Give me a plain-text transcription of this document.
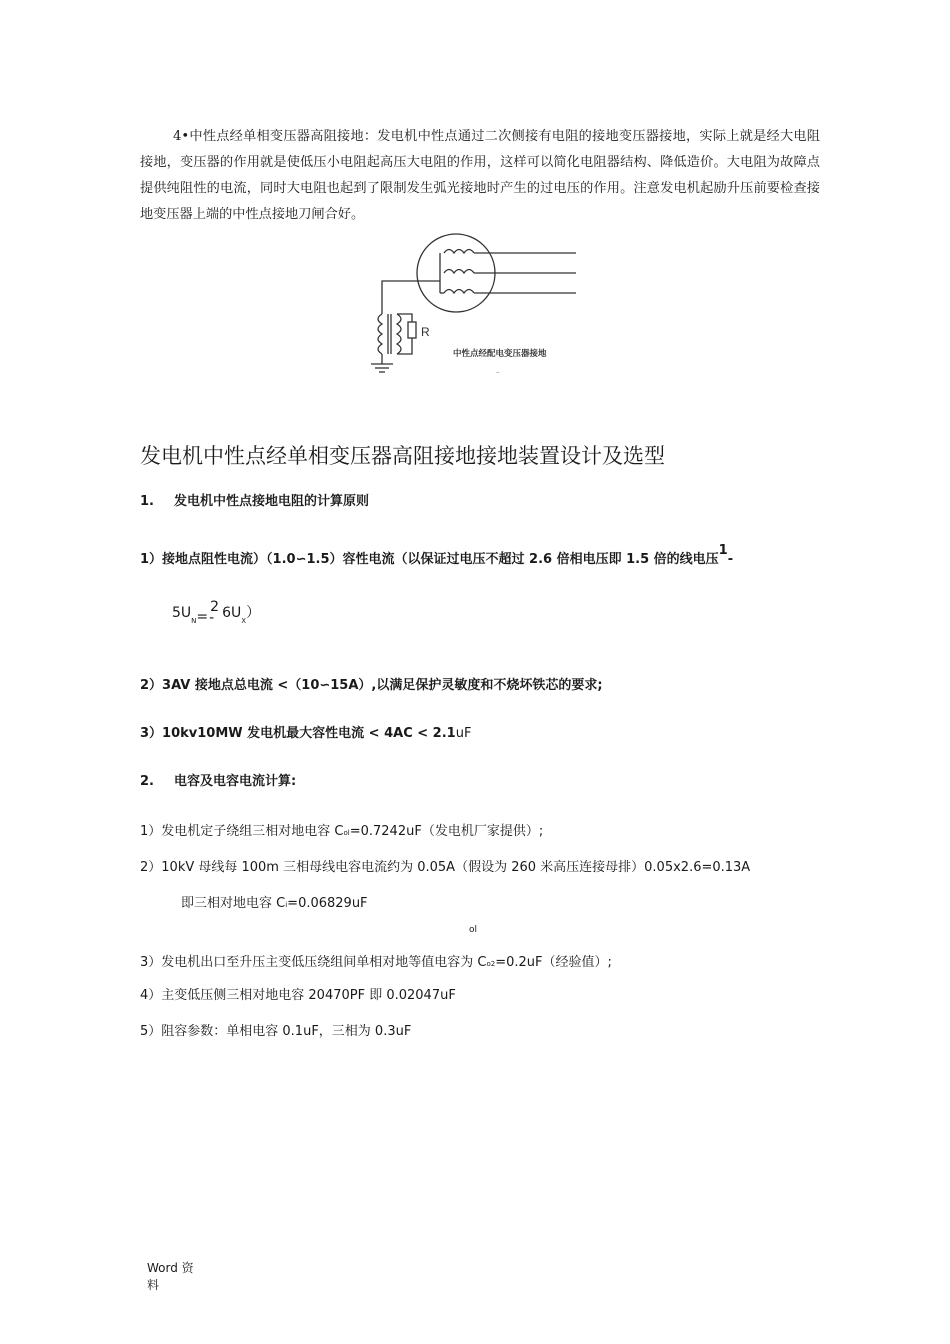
4•中性点经单相变压器高阻接地：发电机中性点通过二次侧接有电阻的接地变压器接地，实际上就是经大电阻接地，变压器的作用就是使低压小电阻起高压大电阻的作用，这样可以简化电阻器结构、降低造价。大电阻为故障点提供纯阻性的电流，同时大电阻也起到了限制发生弧光接地时产生的过电压的作用。注意发电机起励升压前要检查接地变压器上端的中性点接地刀闸合好。
R
中性点经配电变压器接地
–
发电机中性点经单相变压器高阻接地接地装置设计及选型
1. 发电机中性点接地电阻的计算原则
1）接地点阻性电流）（1.0∽1.5）容性电流（以保证过电压不超过 2.6 倍相电压即 1.5 倍的线电压1-
$5U_N=2-$ $6U_X$）
2）3AV 接地点总电流 <（10∽15A）,以满足保护灵敏度和不烧坏铁芯的要求;
3）10kv10MW 发电机最大容性电流 < 4AC < 2.1uF
2. 电容及电容电流计算:
1）发电机定子绕组三相对地电容 Col=0.7242uF（发电机厂家提供）;
2）10kV 母线每 100m 三相母线电容电流约为 0.05A（假设为 260 米高压连接母排）0.05x2.6=0.13A
即三相对地电容 Ci=0.06829uF
ol
3）发电机出口至升压主变低压绕组间单相对地等值电容为 Co2=0.2uF（经验值）;
4）主变低压侧三相对地电容 20470PF 即 0.02047uF
5）阻容参数：单相电容 0.1uF，三相为 0.3uF
Word 资
料
